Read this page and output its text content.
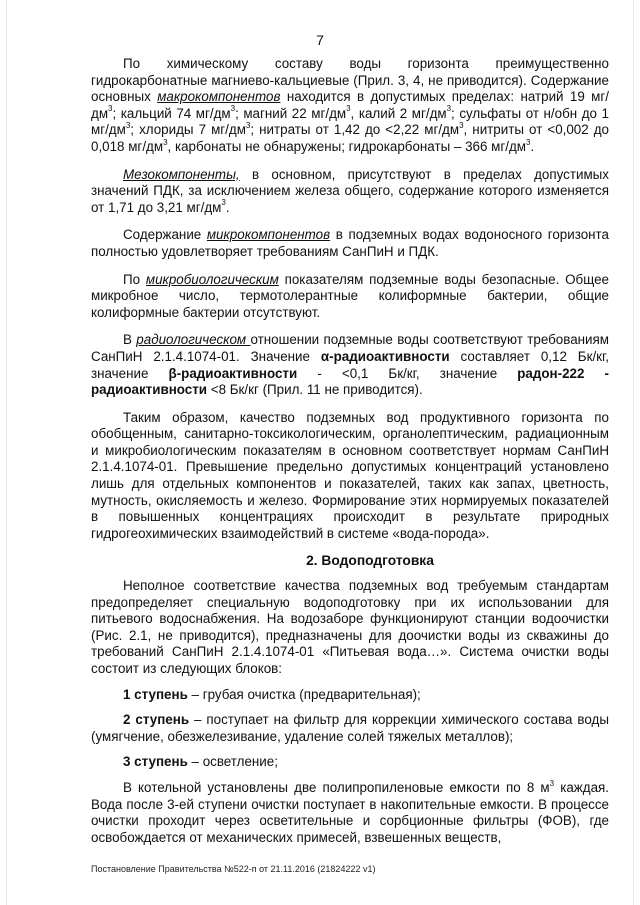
7

По химическому составу воды горизонта преимущественно гидрокарбонатные магниево-кальциевые (Прил. 3, 4, не приводится). Содержание основных макрокомпонентов находится в допустимых пределах: натрий 19 $мг/дм^3$; кальций 74 $мг/дм^3$; магний 22 $мг/дм^3$, калий 2 $мг/дм^3$; сульфаты от н/обн до 1 $мг/дм^3$; хлориды 7 $мг/дм^3$; нитраты от 1,42 до <2,22 $мг/дм^3$, нитриты от <0,002 до 0,018 $мг/дм^3$, карбонаты не обнаружены; гидрокарбонаты – 366 $мг/дм^3$.

Мезокомпоненты, в основном, присутствуют в пределах допустимых значений ПДК, за исключением железа общего, содержание которого изменяется от 1,71 до 3,21 $мг/дм^3$.

Содержание микрокомпонентов в подземных водах водоносного горизонта полностью удовлетворяет требованиям СанПиН и ПДК.

По микробиологическим показателям подземные воды безопасные. Общее микробное число, термотолерантные колиформные бактерии, общие колиформные бактерии отсутствуют.

В радиологическом отношении подземные воды соответствуют требованиям СанПиН 2.1.4.1074-01. Значение α-радиоактивности составляет 0,12 Бк/кг, значение β-радиоактивности - <0,1 Бк/кг, значение радон-222 - радиоактивности <8 Бк/кг (Прил. 11 не приводится).

Таким образом, качество подземных вод продуктивного горизонта по обобщенным, санитарно-токсикологическим, органолептическим, радиационным и микробиологическим показателям в основном соответствует нормам СанПиН 2.1.4.1074-01. Превышение предельно допустимых концентраций установлено лишь для отдельных компонентов и показателей, таких как запах, цветность, мутность, окисляемость и железо. Формирование этих нормируемых показателей в повышенных концентрациях происходит в результате природных гидрогеохимических взаимодействий в системе «вода-порода».

2. Водоподготовка

Неполное соответствие качества подземных вод требуемым стандартам предопределяет специальную водоподготовку при их использовании для питьевого водоснабжения. На водозаборе функционируют станции водоочистки (Рис. 2.1, не приводится), предназначены для доочистки воды из скважины до требований СанПиН 2.1.4.1074-01 «Питьевая вода…». Система очистки воды состоит из следующих блоков:

1 ступень – грубая очистка (предварительная);

2 ступень – поступает на фильтр для коррекции химического состава воды (умягчение, обезжелезивание, удаление солей тяжелых металлов);

3 ступень – осветление;

В котельной установлены две полипропиленовые емкости по 8 $м^3$ каждая. Вода после 3-ей ступени очистки поступает в накопительные емкости. В процессе очистки проходит через осветительные и сорбционные фильтры (ФОВ), где освобождается от механических примесей, взвешенных веществ,

Постановление Правительства №522-п от 21.11.2016 (21824222 v1)
